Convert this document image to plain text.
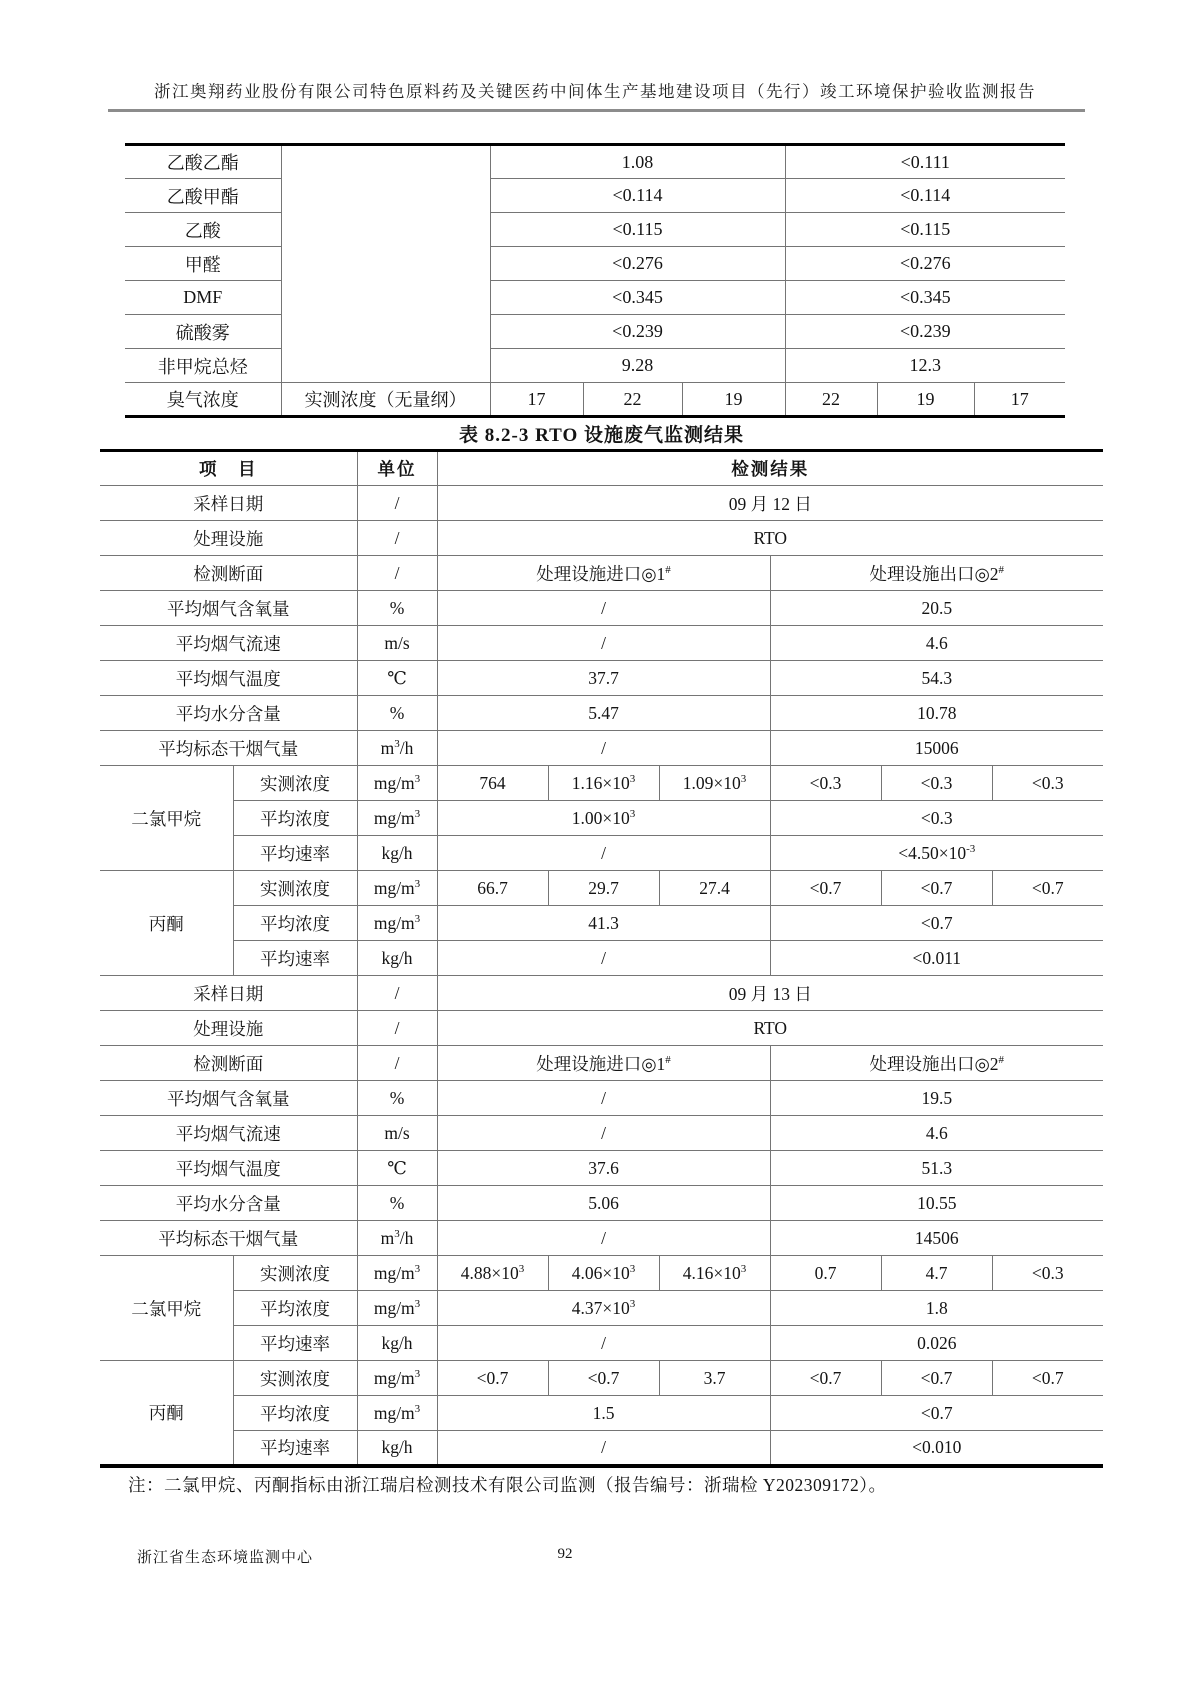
浙江奥翔药业股份有限公司特色原料药及关键医药中间体生产基地建设项目（先行）竣工环境保护验收监测报告
乙酸乙酯		1.08			<0.111		
乙酸甲酯		<0.114			<0.114		
乙酸		<0.115			<0.115		
甲醛		<0.276			<0.276		
DMF		<0.345			<0.345		
硫酸雾		<0.239			<0.239		
非甲烷总烃		9.28			12.3		
臭气浓度	实测浓度（无量纲）	17	22	19	22	19	17
表 8.2-3 RTO 设施废气监测结果
项　目		单位	检测结果					
采样日期		/	09 月 12 日					
处理设施		/	RTO					
检测断面		/	处理设施进口◎1#			处理设施出口◎2#
平均烟气含氧量		%	/			20.5		
平均烟气流速		m/s	/			4.6		
平均烟气温度		℃	37.7			54.3		
平均水分含量		%	5.47			10.78		
平均标态干烟气量		$m^3/h$	/			15006		
二氯甲烷	实测浓度	$mg/m^3$	764	$1.16\times 10^3$	$1.09\times 10^3$	<0.3	<0.3	<0.3
	平均浓度	$mg/m^3$	$1.00\times 10^3$			<0.3		
	平均速率	kg/h	/			$<4.50\times 10^{-3}$
丙酮	实测浓度	$mg/m^3$	66.7	29.7	27.4	<0.7	<0.7	<0.7
	平均浓度	$mg/m^3$	41.3			<0.7		
	平均速率	kg/h	/			<0.011		
采样日期		/	09 月 13 日					
处理设施		/	RTO					
检测断面		/	处理设施进口◎1#			处理设施出口◎2#
平均烟气含氧量		%	/			19.5		
平均烟气流速		m/s	/			4.6		
平均烟气温度		℃	37.6			51.3		
平均水分含量		%	5.06			10.55		
平均标态干烟气量		$m^3/h$	/			14506		
二氯甲烷	实测浓度	$mg/m^3$	$4.88\times 10^3$	$4.06\times 10^3$	$4.16\times 10^3$	0.7	4.7	<0.3
	平均浓度	$mg/m^3$	$4.37\times 10^3$			1.8		
	平均速率	kg/h	/			0.026		
丙酮	实测浓度	$mg/m^3$	<0.7	<0.7	3.7	<0.7	<0.7	<0.7
	平均浓度	$mg/m^3$	1.5			<0.7		
	平均速率	kg/h	/			<0.010		
注：二氯甲烷、丙酮指标由浙江瑞启检测技术有限公司监测（报告编号：浙瑞检 Y202309172）。
浙江省生态环境监测中心	92
